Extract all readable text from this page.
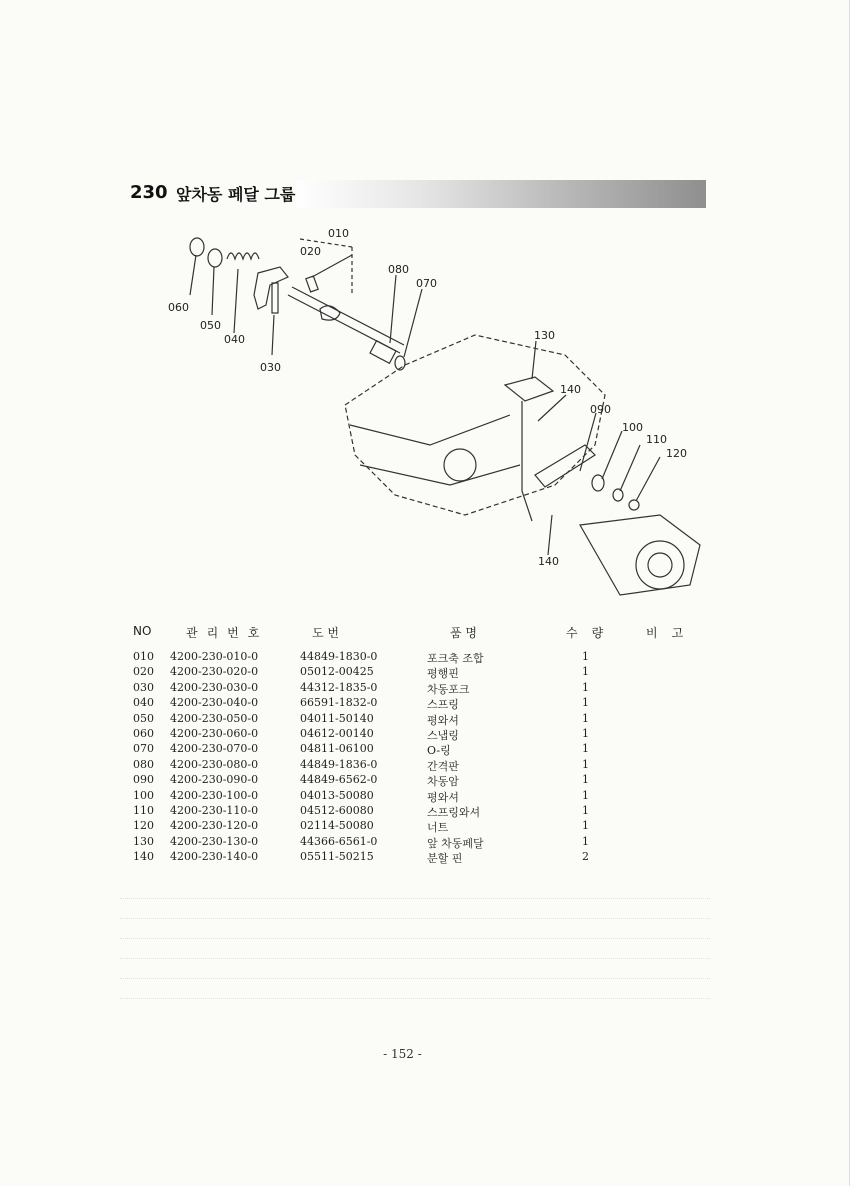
230 앞차동 페달 그룹
010
020
030
040
050
060
070
080
090
100
110
120
130
140
140
NO	관리번호	도 번	품 명	수량 비고
010 4200-230-010-0	44849-1830-0	포크축 조합	1
020 4200-230-020-0	05012-00425	평행핀	1
030 4200-230-030-0	44312-1835-0	차동포크	1
040 4200-230-040-0	66591-1832-0	스프링	1
050 4200-230-050-0	04011-50140	평와셔	1
060 4200-230-060-0	04612-00140	스냅링	1
070 4200-230-070-0	04811-06100	O-링	1
080 4200-230-080-0	44849-1836-0	간격판	1
090 4200-230-090-0	44849-6562-0	차동암	1
100 4200-230-100-0	04013-50080	평와셔	1
110 4200-230-110-0	04512-60080	스프링와셔	1
120 4200-230-120-0	02114-50080	너트	1
130 4200-230-130-0	44366-6561-0	앞 차동페달	1
140 4200-230-140-0	05511-50215	분할 핀	2
- 152 -
